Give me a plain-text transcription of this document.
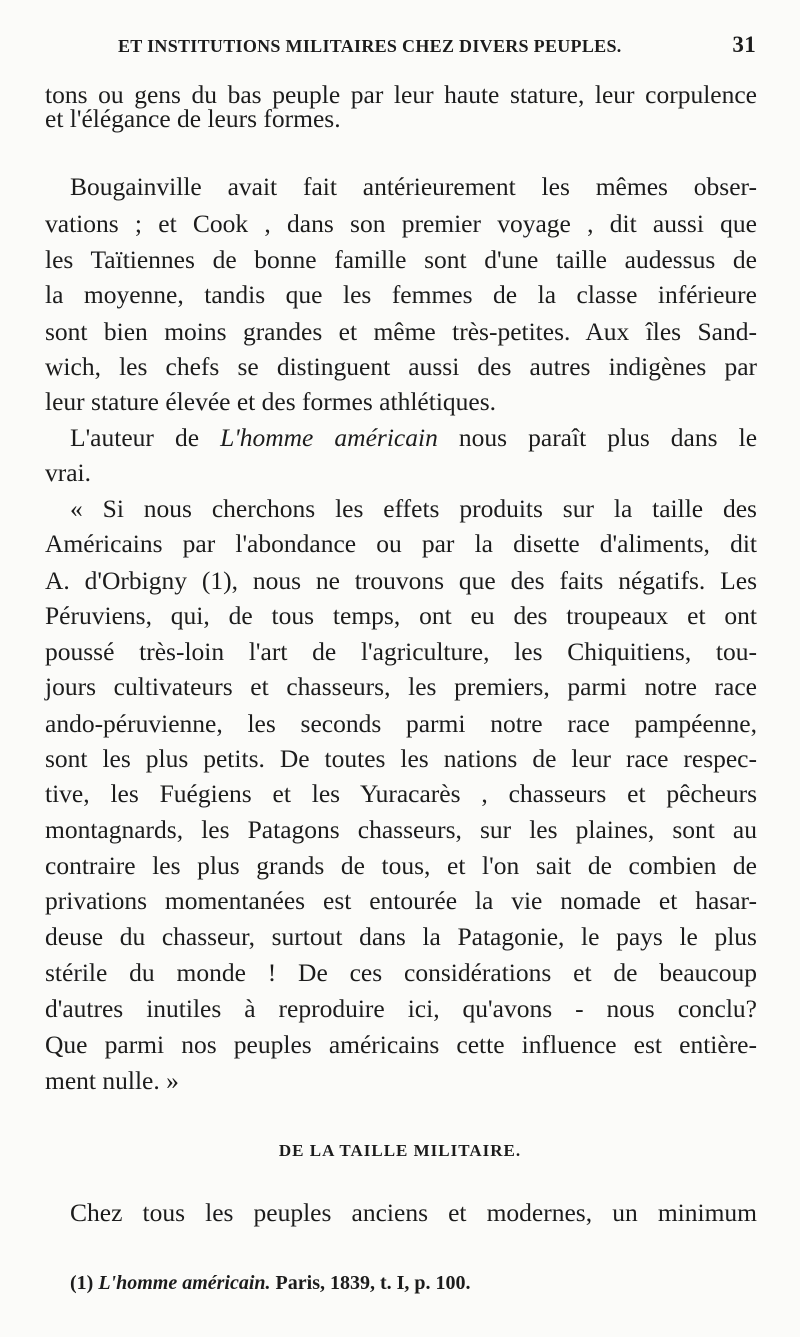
ET INSTITUTIONS MILITAIRES CHEZ DIVERS PEUPLES.	31
tons ou gens du bas peuple par leur haute stature, leur corpulence
et l'élégance de leurs formes.
Bougainville avait fait antérieurement les mêmes obser-
vations ; et Cook , dans son premier voyage , dit aussi que
les Taïtiennes de bonne famille sont d'une taille audessus de
la moyenne, tandis que les femmes de la classe inférieure
sont bien moins grandes et même très-petites. Aux îles Sand-
wich, les chefs se distinguent aussi des autres indigènes par
leur stature élevée et des formes athlétiques.
L'auteur de L'homme américain nous paraît plus dans le
vrai.
« Si nous cherchons les effets produits sur la taille des
Américains par l'abondance ou par la disette d'aliments, dit
A. d'Orbigny (1), nous ne trouvons que des faits négatifs. Les
Péruviens, qui, de tous temps, ont eu des troupeaux et ont
poussé très-loin l'art de l'agriculture, les Chiquitiens, tou-
jours cultivateurs et chasseurs, les premiers, parmi notre race
ando-péruvienne, les seconds parmi notre race pampéenne,
sont les plus petits. De toutes les nations de leur race respec-
tive, les Fuégiens et les Yuracarès , chasseurs et pêcheurs
montagnards, les Patagons chasseurs, sur les plaines, sont au
contraire les plus grands de tous, et l'on sait de combien de
privations momentanées est entourée la vie nomade et hasar-
deuse du chasseur, surtout dans la Patagonie, le pays le plus
stérile du monde ! De ces considérations et de beaucoup
d'autres inutiles à reproduire ici, qu'avons - nous conclu?
Que parmi nos peuples américains cette influence est entière-
ment nulle. »
DE LA TAILLE MILITAIRE.
Chez tous les peuples anciens et modernes, un minimum
(1) L'homme américain. Paris, 1839, t. I, p. 100.
